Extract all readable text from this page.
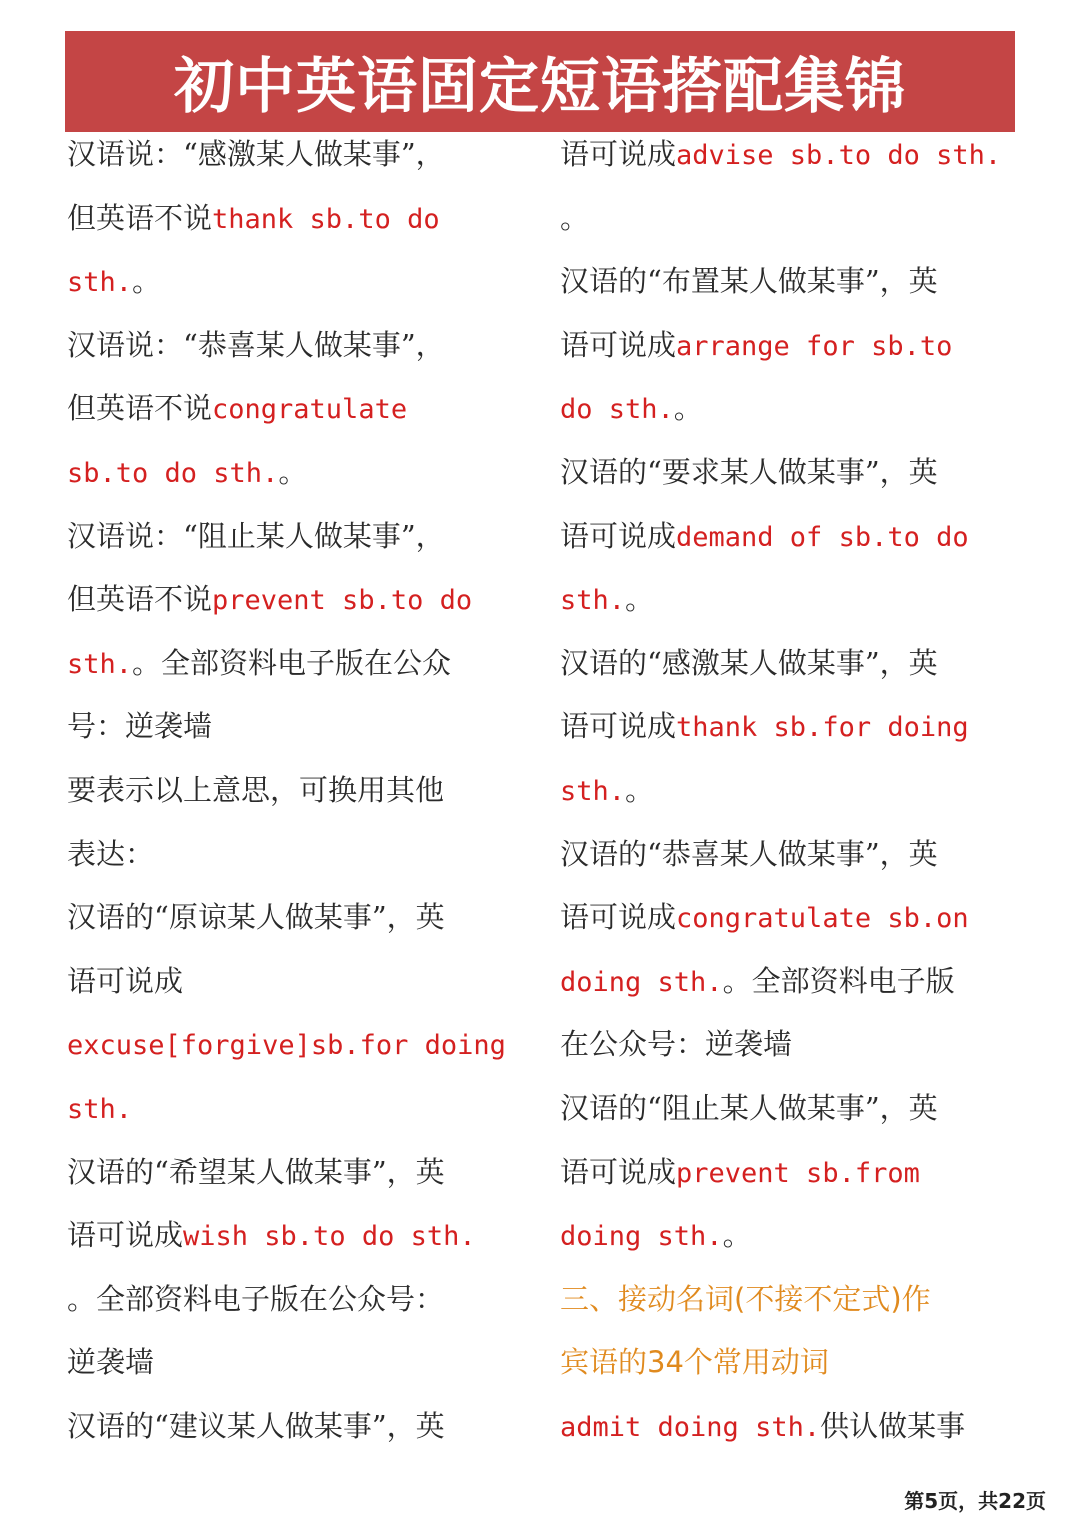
初中英语固定短语搭配集锦
汉语说：“感激某人做某事”，
但英语不说thank sb.to do
sth.。
汉语说：“恭喜某人做某事”，
但英语不说congratulate
sb.to do sth.。
汉语说：“阻止某人做某事”，
但英语不说prevent sb.to do
sth.。全部资料电子版在公众
号：逆袭墙
要表示以上意思，可换用其他
表达：
汉语的“原谅某人做某事”，英
语可说成
excuse[forgive]sb.for doing
sth.
汉语的“希望某人做某事”，英
语可说成wish sb.to do sth.
。全部资料电子版在公众号：
逆袭墙
汉语的“建议某人做某事”，英
语可说成advise sb.to do sth.
。
汉语的“布置某人做某事”，英
语可说成arrange for sb.to
do sth.。
汉语的“要求某人做某事”，英
语可说成demand of sb.to do
sth.。
汉语的“感激某人做某事”，英
语可说成thank sb.for doing
sth.。
汉语的“恭喜某人做某事”，英
语可说成congratulate sb.on
doing sth.。全部资料电子版
在公众号：逆袭墙
汉语的“阻止某人做某事”，英
语可说成prevent sb.from
doing sth.。
三、接动名词(不接不定式)作
宾语的34个常用动词
admit doing sth.供认做某事
第5页，共22页
